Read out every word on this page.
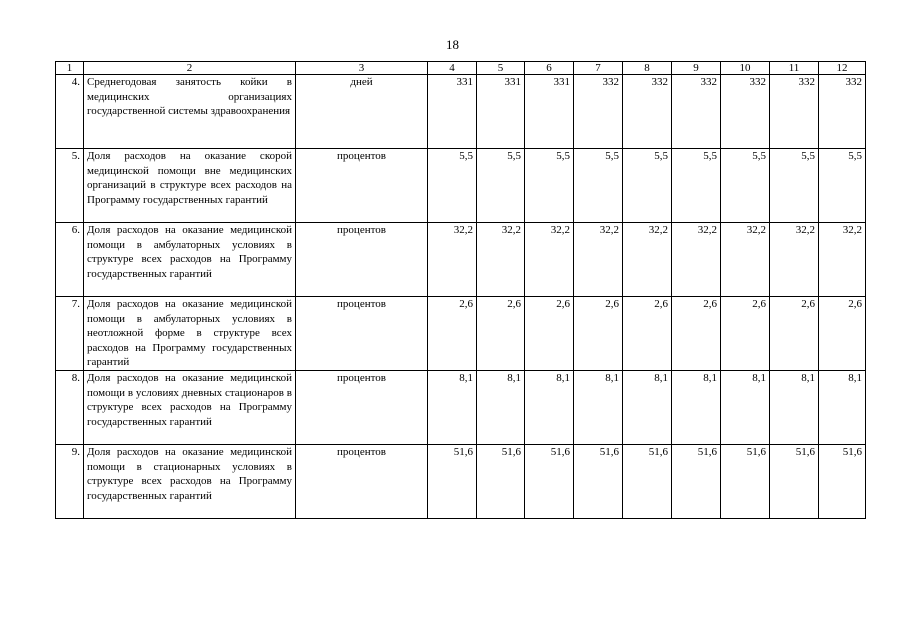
18
1	2	3	4	5	6	7	8	9	10	11	12
4.	Среднегодовая занятость койки в медицинских организациях государственной системы здравоохранения	дней	331	331	331	332	332	332	332	332	332
5.	Доля расходов на оказание скорой медицинской помощи вне медицинских организаций в структуре всех расходов на Программу государственных гарантий	процентов	5,5	5,5	5,5	5,5	5,5	5,5	5,5	5,5	5,5
6.	Доля расходов на оказание медицинской помощи в амбулаторных условиях в структуре всех расходов на Программу государственных гарантий	процентов	32,2	32,2	32,2	32,2	32,2	32,2	32,2	32,2	32,2
7.	Доля расходов на оказание медицинской помощи в амбулаторных условиях в неотложной форме в структуре всех расходов на Программу государственных гарантий	процентов	2,6	2,6	2,6	2,6	2,6	2,6	2,6	2,6	2,6
8.	Доля расходов на оказание медицинской помощи в условиях дневных стационаров в структуре всех расходов на Программу государственных гарантий	процентов	8,1	8,1	8,1	8,1	8,1	8,1	8,1	8,1	8,1
9.	Доля расходов на оказание медицинской помощи в стационарных условиях в структуре всех расходов на Программу государственных гарантий	процентов	51,6	51,6	51,6	51,6	51,6	51,6	51,6	51,6	51,6
